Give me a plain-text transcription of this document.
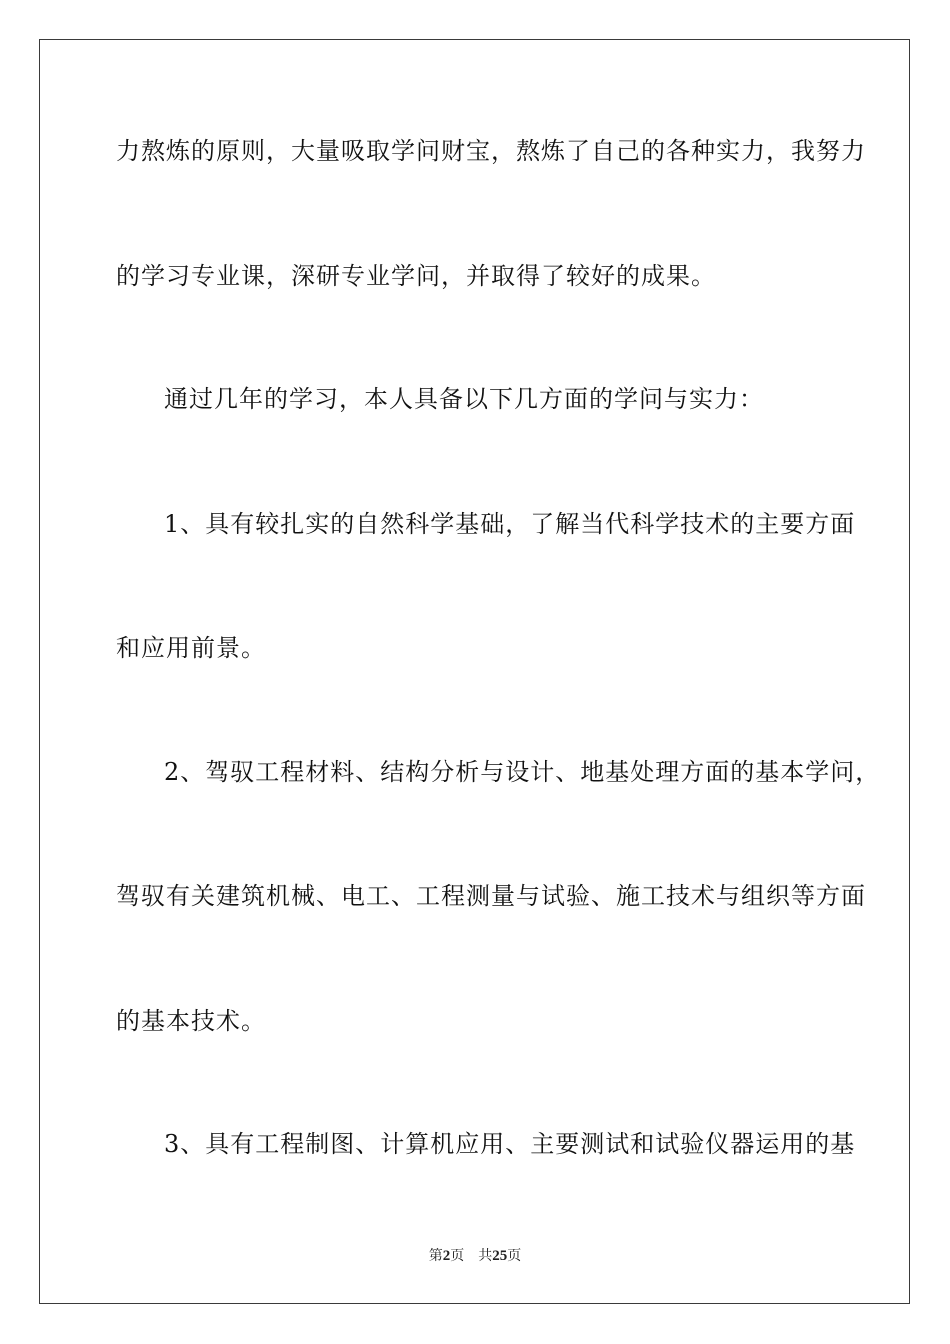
力熬炼的原则，大量吸取学问财宝，熬炼了自己的各种实力，我努力
的学习专业课，深研专业学问，并取得了较好的成果。
通过几年的学习，本人具备以下几方面的学问与实力：
1、具有较扎实的自然科学基础，了解当代科学技术的主要方面
和应用前景。
2、驾驭工程材料、结构分析与设计、地基处理方面的基本学问，
驾驭有关建筑机械、电工、工程测量与试验、施工技术与组织等方面
的基本技术。
3、具有工程制图、计算机应用、主要测试和试验仪器运用的基
第2页 共25页
